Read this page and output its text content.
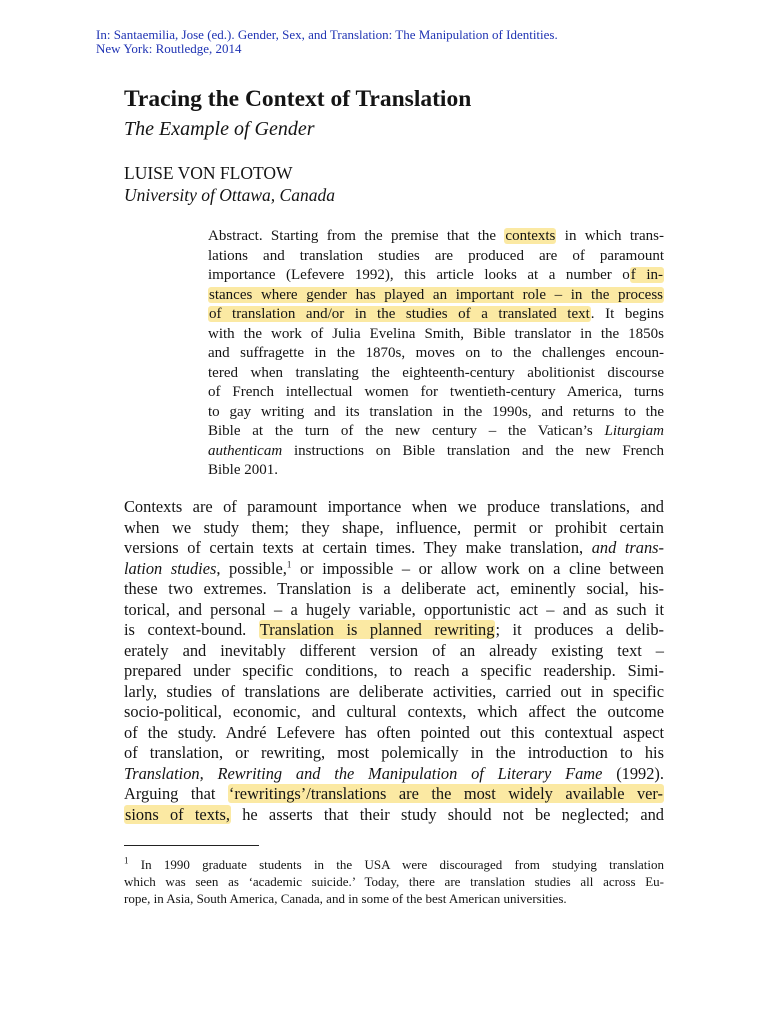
In: Santaemilia, Jose (ed.). Gender, Sex, and Translation: The Manipulation of Identities.
New York: Routledge, 2014
Tracing the Context of Translation
The Example of Gender
LUISE VON FLOTOW
University of Ottawa, Canada
Abstract. Starting from the premise that the contexts in which trans-
lations and translation studies are produced are of paramount
importance (Lefevere 1992), this article looks at a number of in-
stances where gender has played an important role – in the process
of translation and/or in the studies of a translated text. It begins
with the work of Julia Evelina Smith, Bible translator in the 1850s
and suffragette in the 1870s, moves on to the challenges encoun-
tered when translating the eighteenth-century abolitionist discourse
of French intellectual women for twentieth-century America, turns
to gay writing and its translation in the 1990s, and returns to the
Bible at the turn of the new century – the Vatican’s Liturgiam
authenticam instructions on Bible translation and the new French
Bible 2001.
Contexts are of paramount importance when we produce translations, and
when we study them; they shape, influence, permit or prohibit certain
versions of certain texts at certain times. They make translation, and trans-
lation studies, possible,$^1$ or impossible – or allow work on a cline between
these two extremes. Translation is a deliberate act, eminently social, his-
torical, and personal – a hugely variable, opportunistic act – and as such it
is context-bound. Translation is planned rewriting; it produces a delib-
erately and inevitably different version of an already existing text –
prepared under specific conditions, to reach a specific readership. Simi-
larly, studies of translations are deliberate activities, carried out in specific
socio-political, economic, and cultural contexts, which affect the outcome
of the study. André Lefevere has often pointed out this contextual aspect
of translation, or rewriting, most polemically in the introduction to his
Translation, Rewriting and the Manipulation of Literary Fame (1992).
Arguing that ‘rewritings’/translations are the most widely available ver-
sions of texts, he asserts that their study should not be neglected; and
$^1$ In 1990 graduate students in the USA were discouraged from studying translation
which was seen as ‘academic suicide.’ Today, there are translation studies all across Eu-
rope, in Asia, South America, Canada, and in some of the best American universities.
